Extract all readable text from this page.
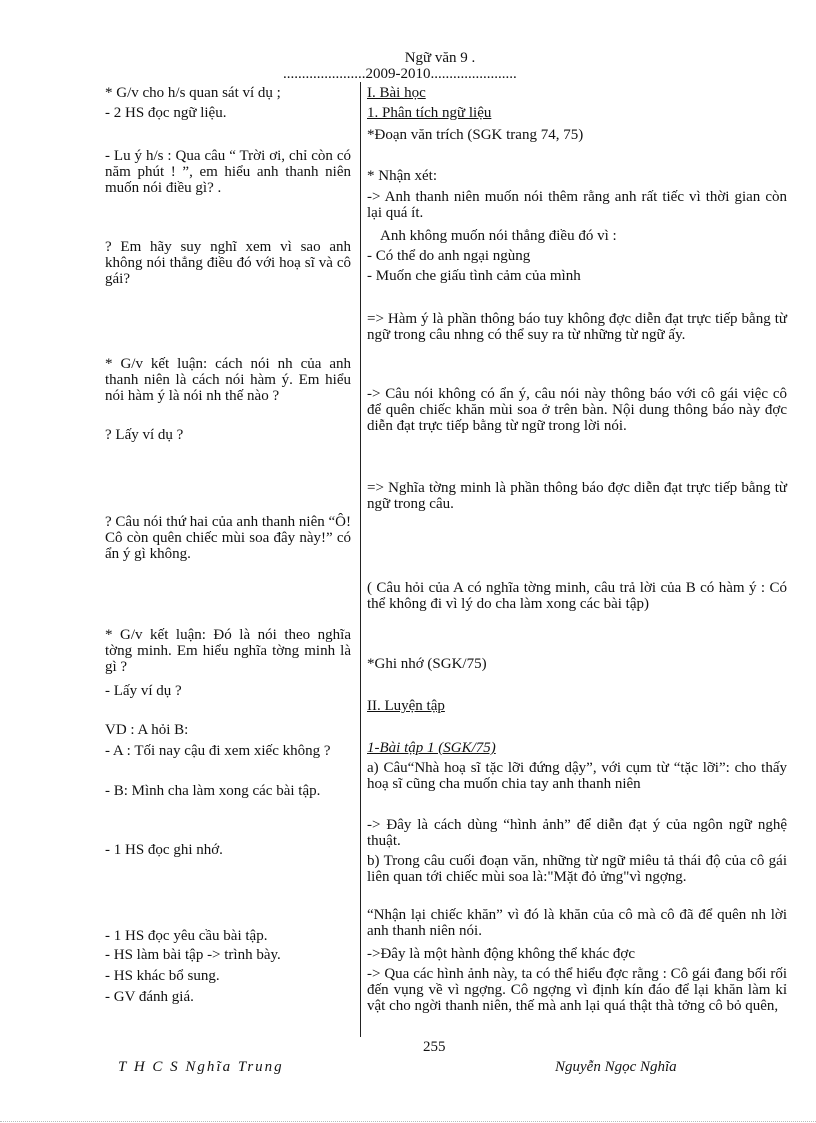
Ngữ văn 9 .
......................2009-2010.......................

* G/v cho h/s quan sát ví dụ ;

- 2 HS đọc ngữ liệu.

- Lu ý h/s : Qua câu “ Trời ơi, chỉ còn có năm phút ! ”, em hiểu anh thanh niên muốn nói điều gì? .

? Em hãy suy nghĩ xem vì sao anh không nói thẳng điều đó với hoạ sĩ và cô gái?

* G/v kết luận: cách nói nh của anh thanh niên là cách nói hàm ý. Em hiểu nói hàm ý là nói nh thế nào ?

? Lấy ví dụ ?

? Câu nói thứ hai của anh thanh niên “Ô! Cô còn quên chiếc mùi soa đây này!” có ẩn ý gì không.

* G/v kết luận: Đó là nói theo nghĩa tờng minh. Em hiểu nghĩa tờng minh là gì ?

- Lấy ví dụ ?

VD : A hỏi B:

- A : Tối nay cậu đi xem xiếc không ?

- B: Mình cha làm xong các bài tập.

- 1 HS đọc ghi nhớ.

- 1 HS đọc yêu cầu bài tập.

- HS làm bài tập -> trình bày.

- HS khác bổ sung.

- GV đánh giá.

I. Bài học

1. Phân tích ngữ liệu

*Đoạn văn trích (SGK trang 74, 75)

* Nhận xét:

-> Anh thanh niên muốn nói thêm rằng anh rất tiếc vì thời gian còn lại quá ít.

Anh không muốn nói thẳng điều đó vì :

- Có thể do anh ngại ngùng

- Muốn che giấu tình cảm của mình

=> Hàm ý là phần thông báo tuy không đợc diễn đạt trực tiếp bằng từ ngữ trong câu nhng có thể suy ra từ những từ ngữ ấy.

-> Câu nói không có ẩn ý, câu nói này thông báo với cô gái việc cô để quên chiếc khăn mùi soa ở trên bàn. Nội dung thông báo này đợc diễn đạt trực tiếp bằng từ ngữ trong lời nói.

=> Nghĩa tờng minh là phần thông báo đợc diễn đạt trực tiếp bằng từ ngữ trong câu.

( Câu hỏi của A có nghĩa tờng minh, câu trả lời của B có hàm ý : Có thể không đi vì lý do cha làm xong các bài tập)

*Ghi nhớ (SGK/75)

II. Luyện tập

1-Bài tập 1 (SGK/75)

a) Câu“Nhà hoạ sĩ tặc lỡi đứng dậy”, với cụm từ “tặc lỡi”: cho thấy hoạ sĩ cũng cha muốn chia tay anh thanh niên

-> Đây là cách dùng “hình ảnh” để diễn đạt ý của ngôn ngữ nghệ thuật.

b) Trong câu cuối đoạn văn, những từ ngữ miêu tả thái độ của cô gái liên quan tới chiếc mùi soa là:"Mặt đỏ ửng"vì ngợng.

“Nhận lại chiếc khăn” vì đó là khăn của cô mà cô đã để quên nh lời anh thanh niên nói.

->Đây là một hành động không thể khác đợc

-> Qua các hình ảnh này, ta có thể hiểu đợc rằng : Cô gái đang bối rối đến vụng về vì ngợng. Cô ngợng vì định kín đáo để lại khăn làm kỉ vật cho ngời thanh niên, thế mà anh lại quá thật thà tởng cô bỏ quên,

255
T H C S Nghĩa Trung	Nguyễn Ngọc Nghĩa
